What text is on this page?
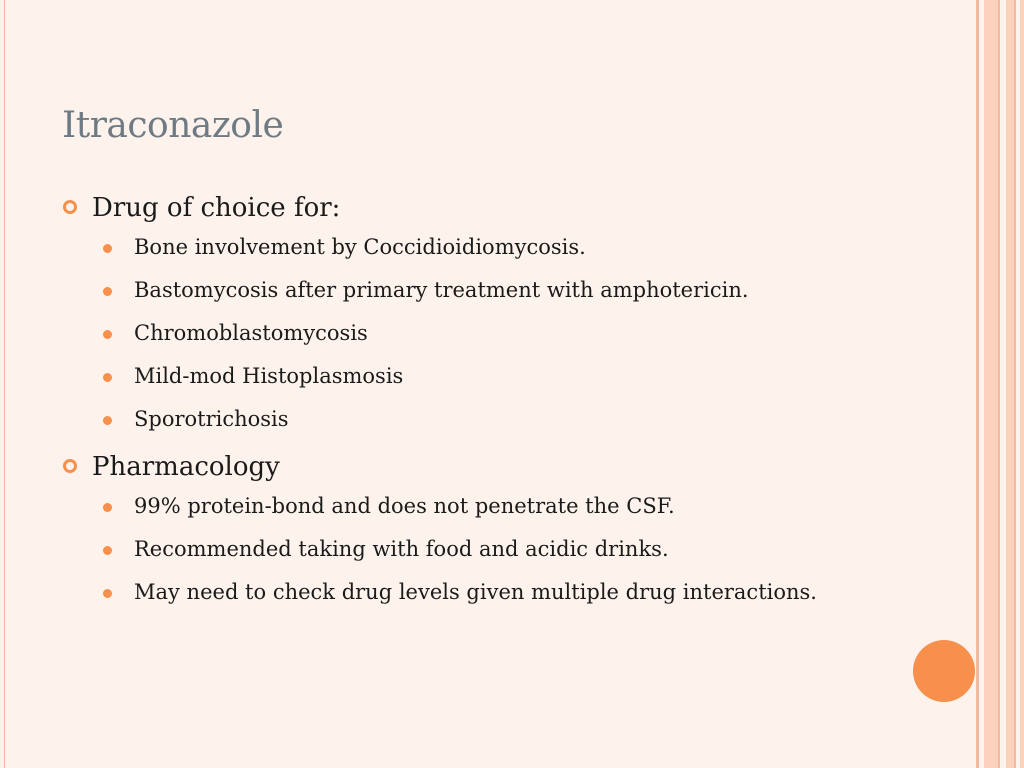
Itraconazole

Drug of choice for:

Bone involvement by Coccidioidiomycosis.
Bastomycosis after primary treatment with amphotericin.
Chromoblastomycosis
Mild-mod Histoplasmosis
Sporotrichosis

Pharmacology

99% protein-bond and does not penetrate the CSF.
Recommended taking with food and acidic drinks.
May need to check drug levels given multiple drug interactions.
